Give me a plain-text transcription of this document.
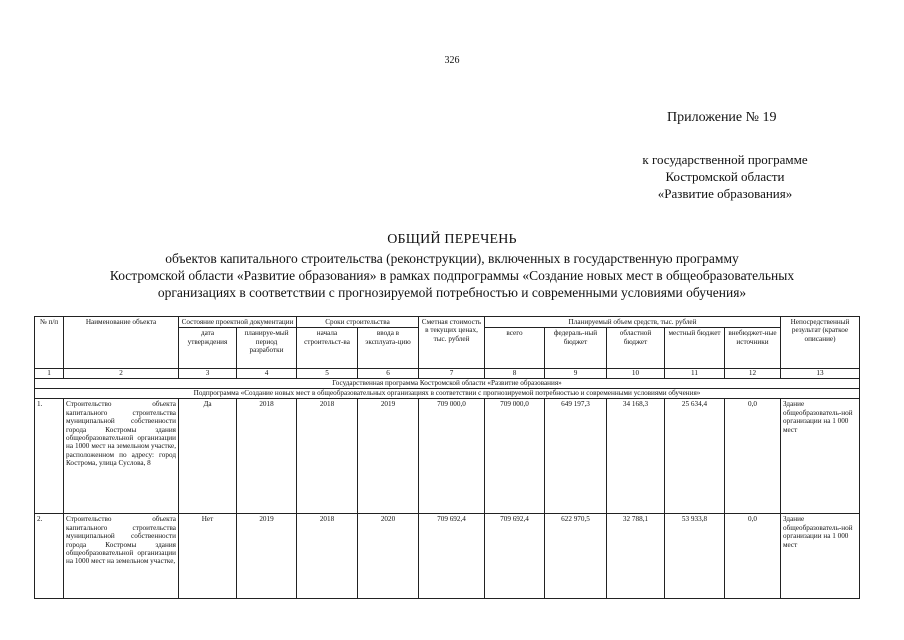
326
Приложение № 19
к государственной программе
Костромской области
«Развитие образования»
ОБЩИЙ ПЕРЕЧЕНЬ
объектов капитального строительства (реконструкции), включенных в государственную программу
Костромской области «Развитие образования» в рамках подпрограммы «Создание новых мест в общеобразовательных
организациях в соответствии с прогнозируемой потребностью и современными условиями обучения»
№ п/п	Наименование объекта	Состояние проектной документации		Сроки строительства		Сметная стоимость в текущих ценах, тыс. рублей	Планируемый объем средств, тыс. рублей					Непосредственный результат (краткое описание)
		дата утверждения	планируе-мый период разработки	начала строительст-ва	ввода в эксплуата-цию		всего	федераль-ный бюджет	областной бюджет	местный бюджет	внебюджет-ные источники	
1	2	3	4	5	6	7	8	9	10	11	12	13
Государственная программа Костромской области «Развитие образования»												
Подпрограмма «Создание новых мест в общеобразовательных организациях в соответствии с прогнозируемой потребностью и современными условиями обучения»												
1.	Строительство объекта капитального строительства муниципальной собственности города Костромы здания общеобразовательной организации на 1000 мест на земельном участке, расположенном по адресу: город Кострома, улица Суслова, 8	Да	2018	2018	2019	709 000,0	709 000,0	649 197,3	34 168,3	25 634,4	0,0	Здание общеобразователь-ной организации на 1 000 мест
2.	Строительство объекта капитального строительства муниципальной собственности города Костромы здания общеобразовательной организации на 1000 мест на земельном участке,	Нет	2019	2018	2020	709 692,4	709 692,4	622 970,5	32 788,1	53 933,8	0,0	Здание общеобразователь-ной организации на 1 000 мест
